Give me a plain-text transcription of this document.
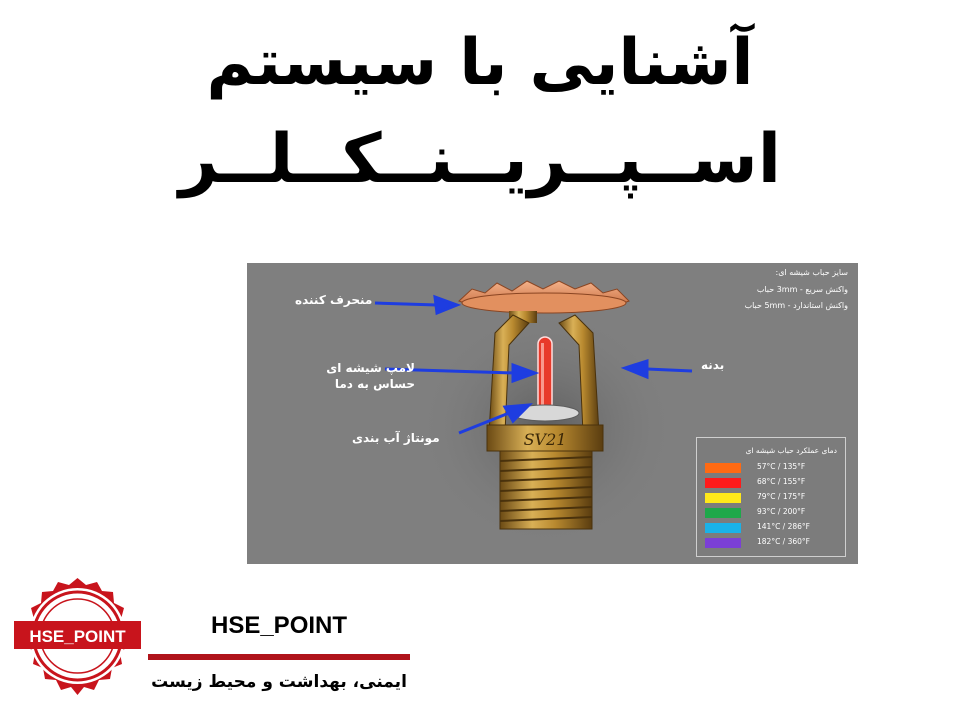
آشنایی با سیستم
اســپــریــنــکــلــر
SV21
منحرف کننده
لامپ شیشه ای
حساس به دما
مونتاژ آب بندی
بدنه
سایز حباب شیشه ای:
واکنش سریع - 3mm حباب
واکنش استاندارد - 5mm حباب
دمای عملکرد حباب شیشه ای
57°C / 135°F
68°C / 155°F
79°C / 175°F
93°C / 200°F
141°C / 286°F
182°C / 360°F
HSE_POINT	HSE_POINT
ایمنی، بهداشت و محیط زیست
